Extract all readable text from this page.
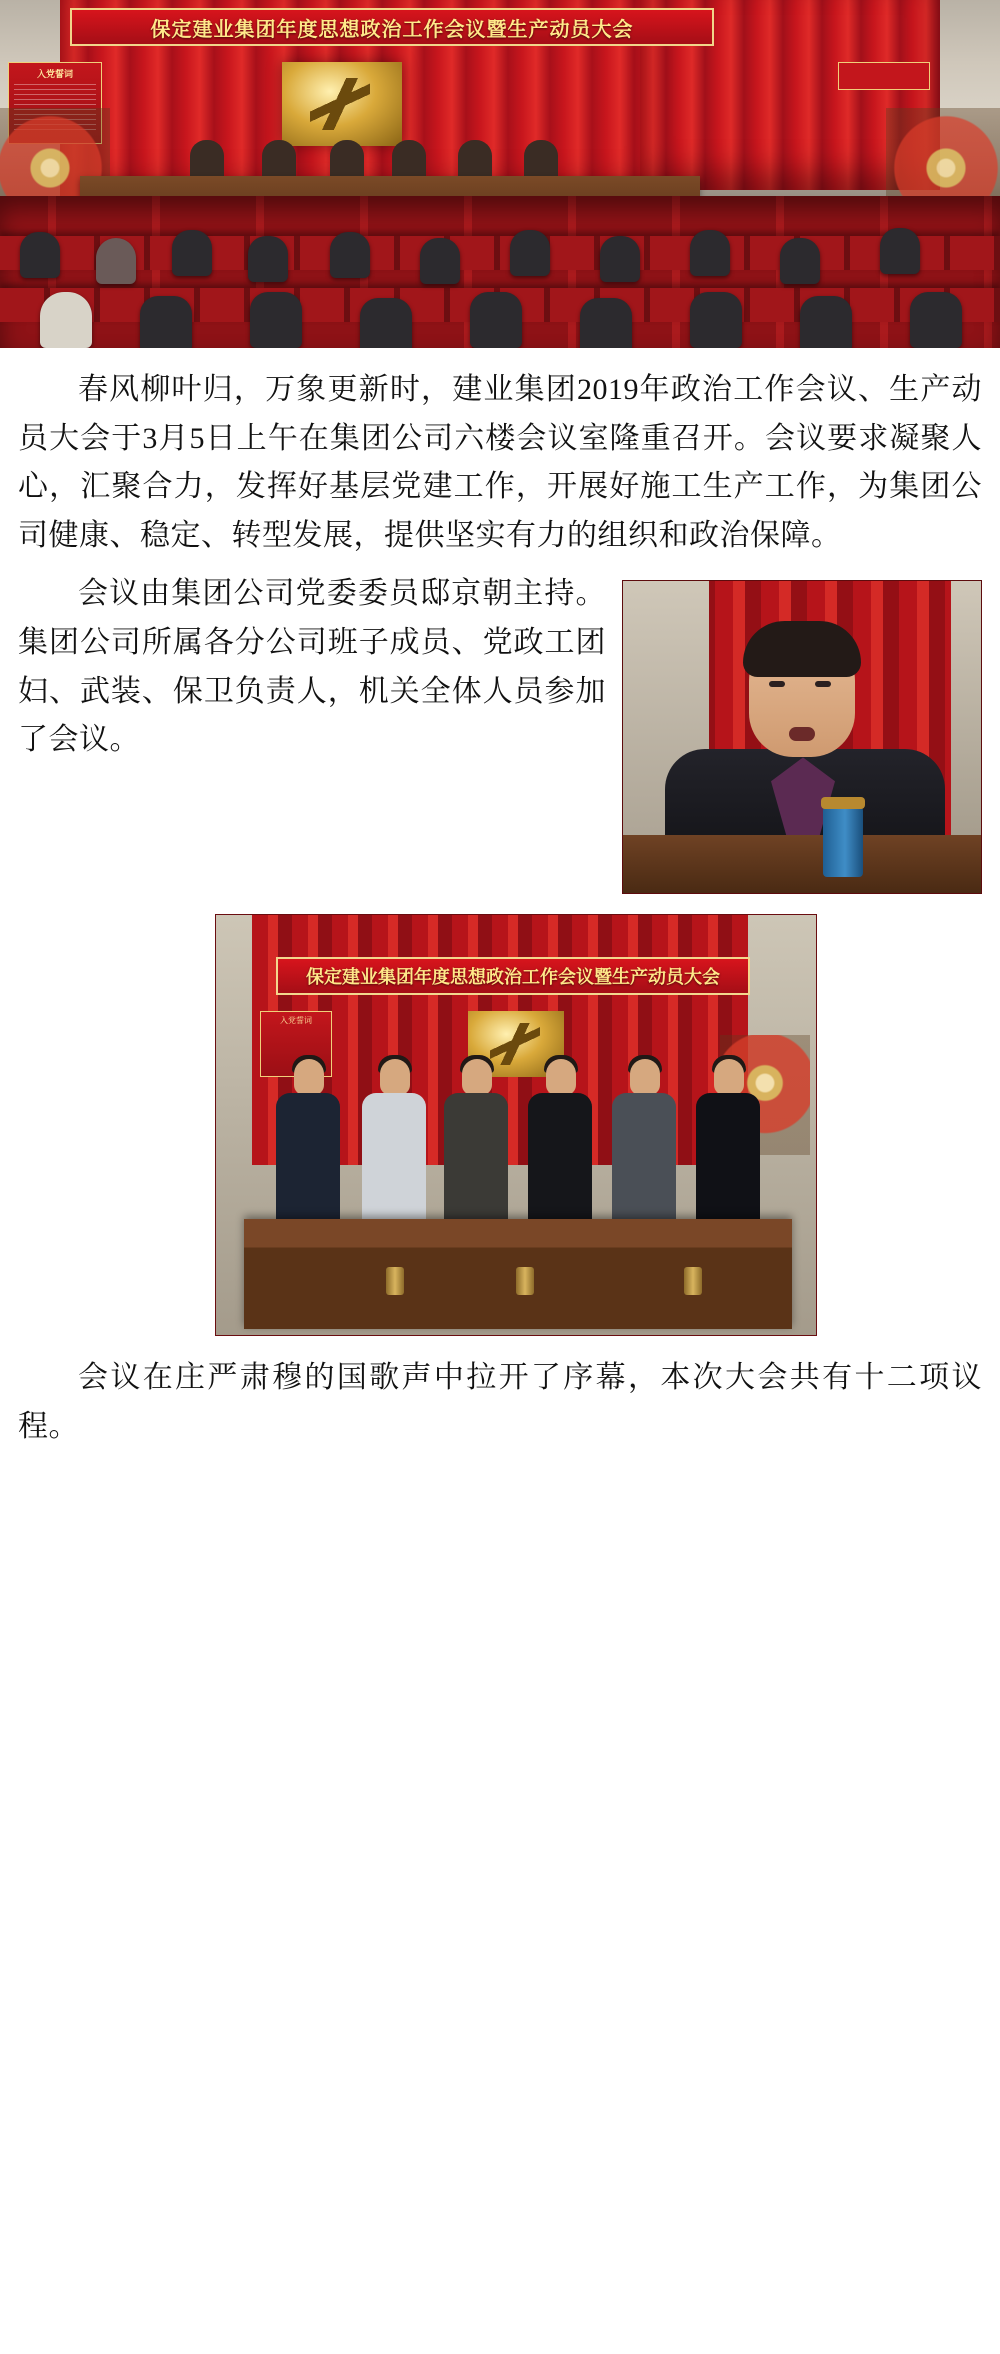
入党誓词
保定建业集团年度思想政治工作会议暨生产动员大会
春风柳叶归，万象更新时，建业集团2019年政治工作会议、生产动员大会于3月5日上午在集团公司六楼会议室隆重召开。会议要求凝聚人心，汇聚合力，发挥好基层党建工作，开展好施工生产工作，为集团公司健康、稳定、转型发展，提供坚实有力的组织和政治保障。
会议由集团公司党委委员邸京朝主持。集团公司所属各分公司班子成员、党政工团妇、武装、保卫负责人，机关全体人员参加了会议。
入党誓词
保定建业集团年度思想政治工作会议暨生产动员大会
会议在庄严肃穆的国歌声中拉开了序幕，本次大会共有十二项议程。
